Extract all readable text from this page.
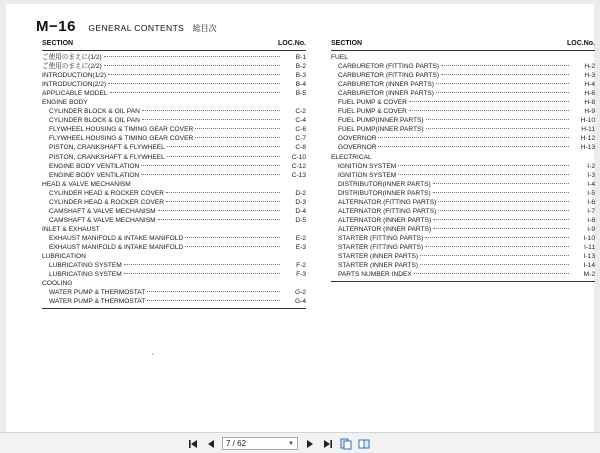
M−16 GENERAL CONTENTS 総目次
SECTION	LOC.No.
ご使用のまえに(1/2)	B-1
ご使用のまえに(2/2)	B-2
INTRODUCTION(1/2)	B-3
INTRODUCTION(2/2)	B-4
APPLICABLE MODEL	B-5
ENGINE BODY
CYLINDER BLOCK & OIL PAN	C-2
CYLINDER BLOCK & OIL PAN	C-4
FLYWHEEL HOUSING & TIMING GEAR COVER	C-6
FLYWHEEL HOUSING & TIMING GEAR COVER	C-7
PISTON, CRANKSHAFT & FLYWHEEL	C-8
PISTON, CRANKSHAFT & FLYWHEEL	C-10
ENGINE BODY VENTILATION	C-12
ENGINE BODY VENTILATION	C-13
HEAD & VALVE MECHANISM
CYLINDER HEAD & ROCKER COVER	D-2
CYLINDER HEAD & ROCKER COVER	D-3
CAMSHAFT & VALVE MECHANISM	D-4
CAMSHAFT & VALVE MECHANISM	D-5
INLET & EXHAUST
EXHAUST MANIFOLD & INTAKE MANIFOLD	E-2
EXHAUST MANIFOLD & INTAKE MANIFOLD	E-3
LUBRICATION
LUBRICATING SYSTEM	F-2
LUBRICATING SYSTEM	F-3
COOLING
WATER PUMP & THERMOSTAT	G-2
WATER PUMP & THERMOSTAT	G-4
SECTION	LOC.No.
FUEL
CARBURETOR (FITTING PARTS)	H-2
CARBURETOR (FITTING PARTS)	H-3
CARBURETOR (INNER PARTS)	H-4
CARBURETOR (INNER PARTS)	H-6
FUEL PUMP & COVER	H-8
FUEL PUMP & COVER	H-9
FUEL PUMP(INNER PARTS)	H-10
FUEL PUMP(INNER PARTS)	H-11
GOVERNOR	H-12
GOVERNOR	H-13
ELECTRICAL
IGNITION SYSTEM	I-2
IGNITION SYSTEM	I-3
DISTRIBUTOR(INNER PARTS)	I-4
DISTRIBUTOR(INNER PARTS)	I-5
ALTERNATOR (FITTING PARTS)	I-6
ALTERNATOR (FITTING PARTS)	I-7
ALTERNATOR (INNER PARTS)	I-8
ALTERNATOR (INNER PARTS)	I-9
STARTER (FITTING PARTS)	I-10
STARTER (FITTING PARTS)	I-11
STARTER (INNER PARTS)	I-13
STARTER (INNER PARTS)	I-14
PARTS NUMBER INDEX	M-2
7 / 62	▼
